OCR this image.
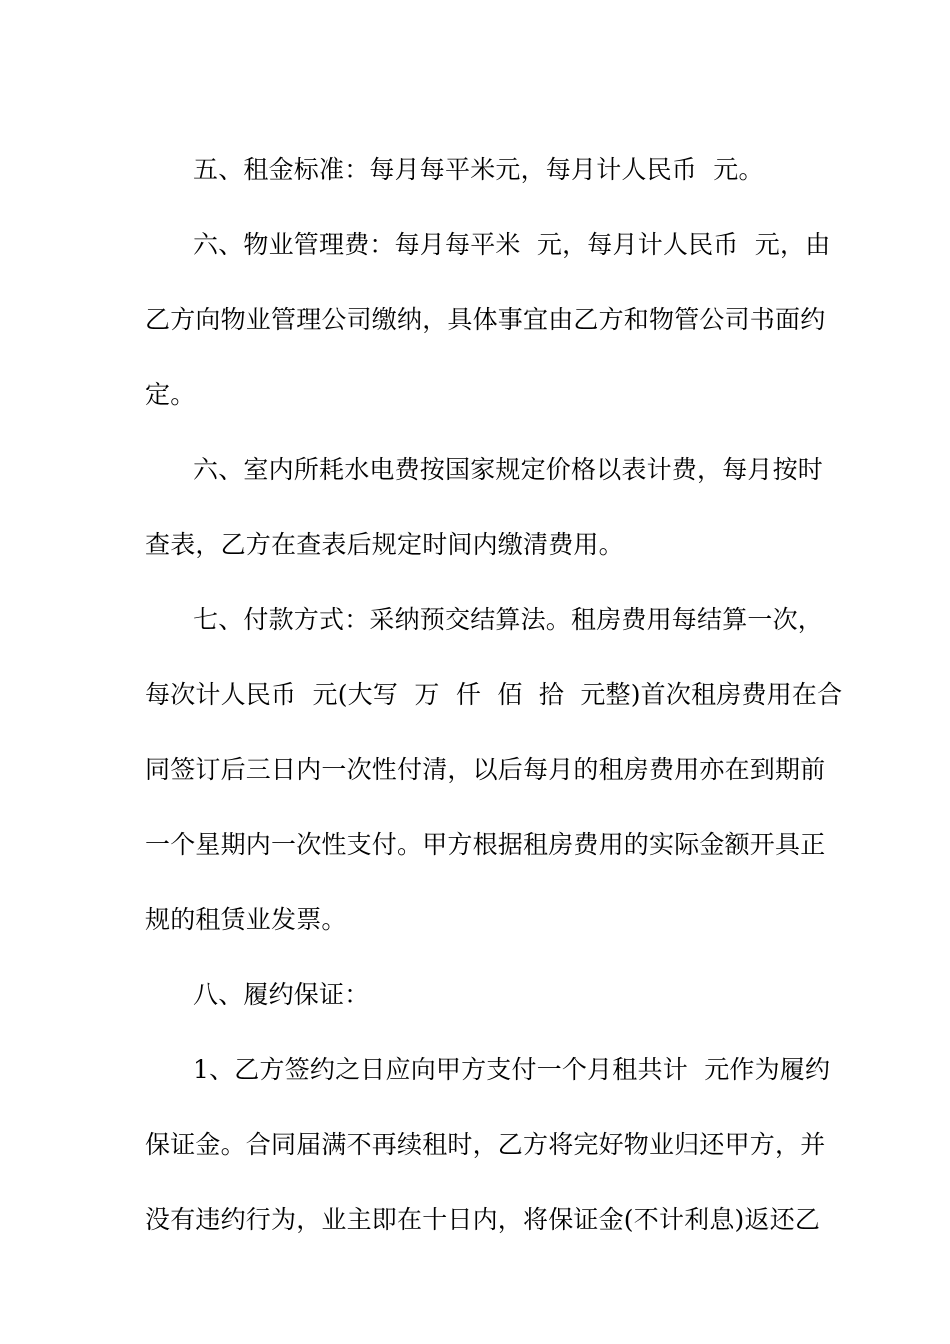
五、租金标准：每月每平米元，每月计人民币  元。
六、物业管理费：每月每平米  元，每月计人民币  元，由
乙方向物业管理公司缴纳，具体事宜由乙方和物管公司书面约
定。
六、室内所耗水电费按国家规定价格以表计费，每月按时
查表，乙方在查表后规定时间内缴清费用。
七、付款方式：采纳预交结算法。租房费用每结算一次，
每次计人民币  元(大写  万  仟  佰  拾  元整)首次租房费用在合
同签订后三日内一次性付清，以后每月的租房费用亦在到期前
一个星期内一次性支付。甲方根据租房费用的实际金额开具正
规的租赁业发票。
八、履约保证：
1、乙方签约之日应向甲方支付一个月租共计  元作为履约
保证金。合同届满不再续租时，乙方将完好物业归还甲方，并
没有违约行为，业主即在十日内，将保证金(不计利息)返还乙
